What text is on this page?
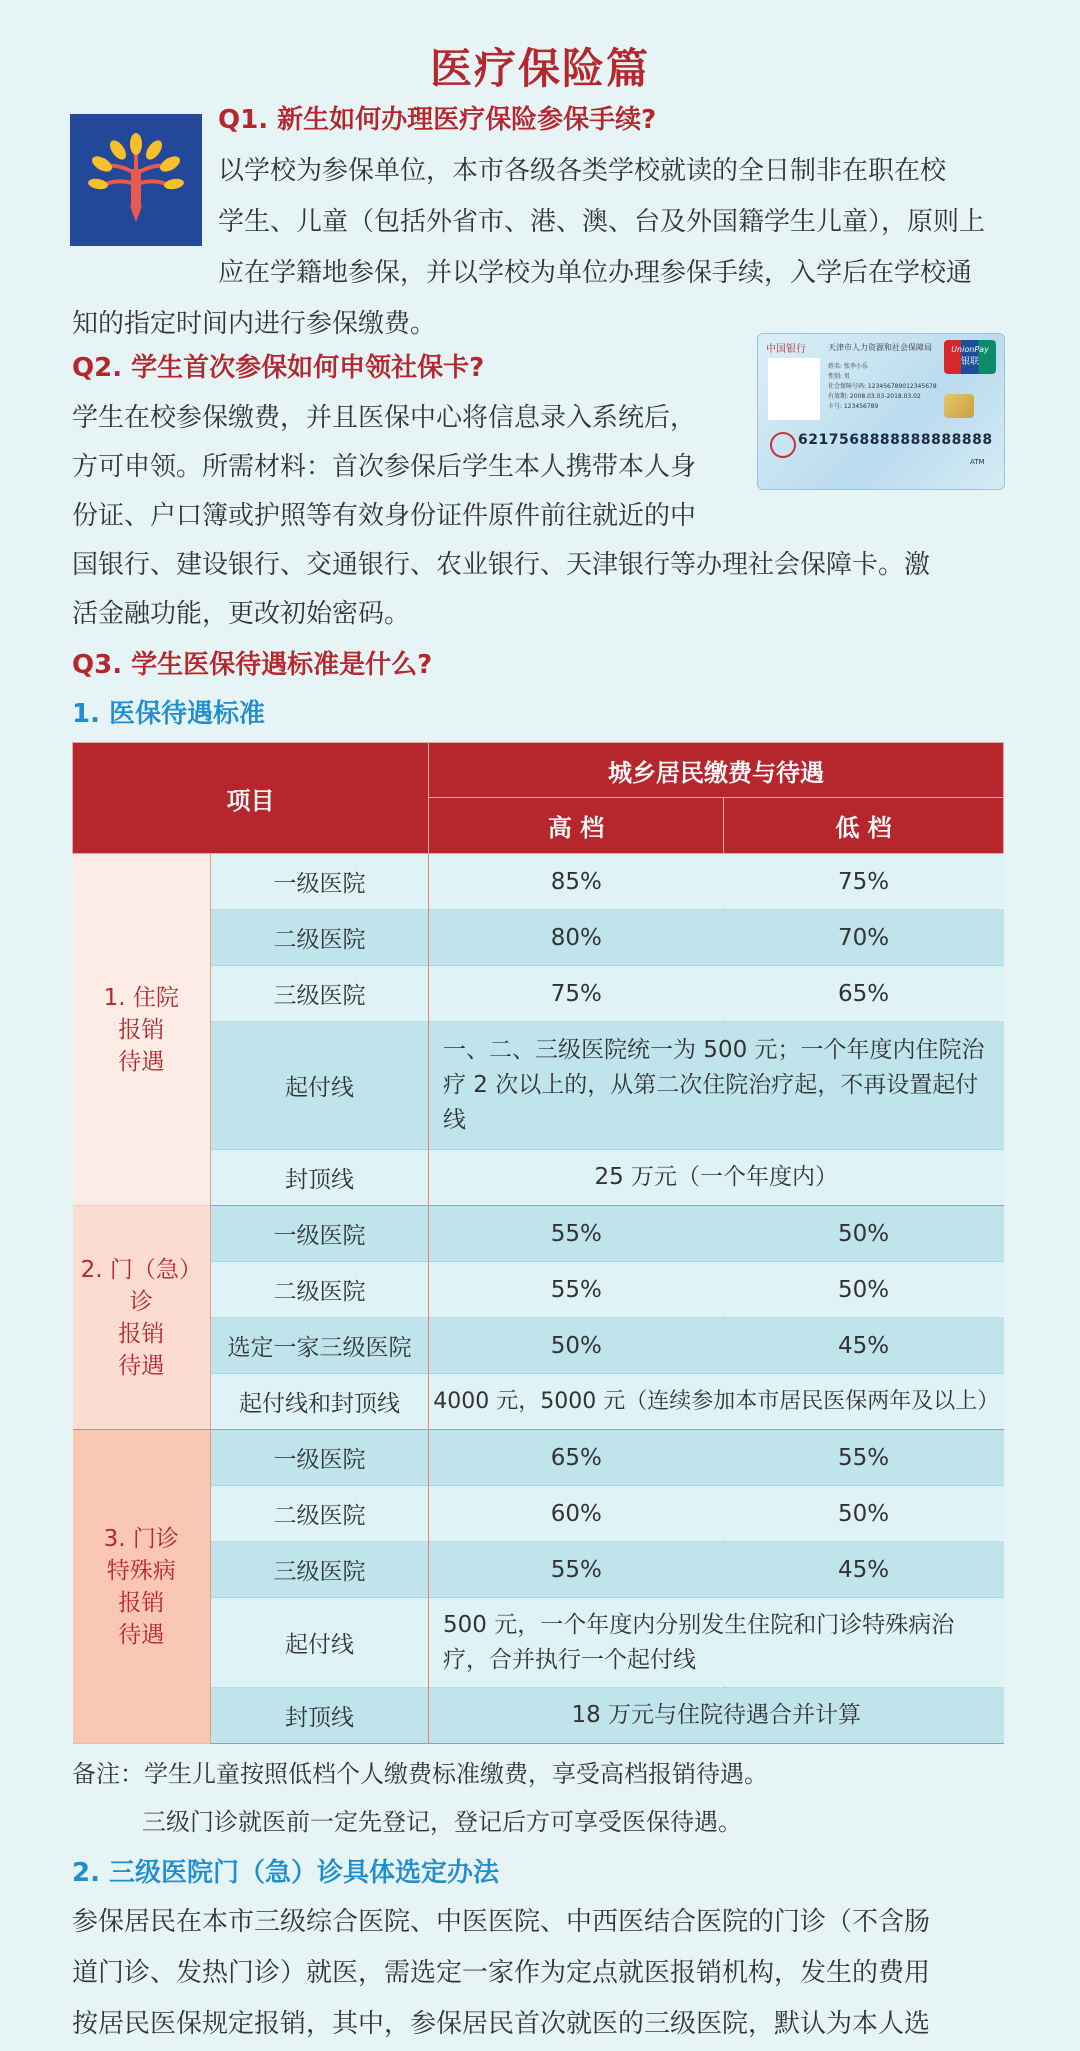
医疗保险篇
Q1. 新生如何办理医疗保险参保手续?
以学校为参保单位，本市各级各类学校就读的全日制非在职在校
学生、儿童（包括外省市、港、澳、台及外国籍学生儿童），原则上
应在学籍地参保，并以学校为单位办理参保手续，入学后在学校通
知的指定时间内进行参保缴费。
Q2. 学生首次参保如何申领社保卡?
学生在校参保缴费，并且医保中心将信息录入系统后，
方可申领。所需材料：首次参保后学生本人携带本人身
份证、户口簿或护照等有效身份证件原件前往就近的中
国银行、建设银行、交通银行、农业银行、天津银行等办理社会保障卡。激
活金融功能，更改初始密码。
中国银行	天津市人力资源和社会保障局	UnionPay
银联
姓名: 张李小乐
性别: 男
社会保障号码: 123456789012345678
有效期: 2008.03.03-2018.03.02
卡号: 123456789
6217568888888888888
ATM
Q3. 学生医保待遇标准是什么?
1. 医保待遇标准
项目		城乡居民缴费与待遇	
		高 档	低 档
1. 住院
报销
待遇	一级医院	85%	75%
	二级医院	80%	70%
	三级医院	75%	65%
	起付线	一、二、三级医院统一为 500 元；一个年度内住院治疗 2 次以上的，从第二次住院治疗起，不再设置起付线	
	封顶线	25 万元（一个年度内）	
2. 门（急）诊
报销
待遇	一级医院	55%	50%
	二级医院	55%	50%
	选定一家三级医院	50%	45%
	起付线和封顶线	4000 元，5000 元（连续参加本市居民医保两年及以上）	
3. 门诊
特殊病
报销
待遇	一级医院	65%	55%
	二级医院	60%	50%
	三级医院	55%	45%
	起付线	500 元，一个年度内分别发生住院和门诊特殊病治疗，合并执行一个起付线	
	封顶线	18 万元与住院待遇合并计算	
备注：学生儿童按照低档个人缴费标准缴费，享受高档报销待遇。
三级门诊就医前一定先登记，登记后方可享受医保待遇。
2. 三级医院门（急）诊具体选定办法
参保居民在本市三级综合医院、中医医院、中西医结合医院的门诊（不含肠
道门诊、发热门诊）就医，需选定一家作为定点就医报销机构，发生的费用
按居民医保规定报销，其中，参保居民首次就医的三级医院，默认为本人选
